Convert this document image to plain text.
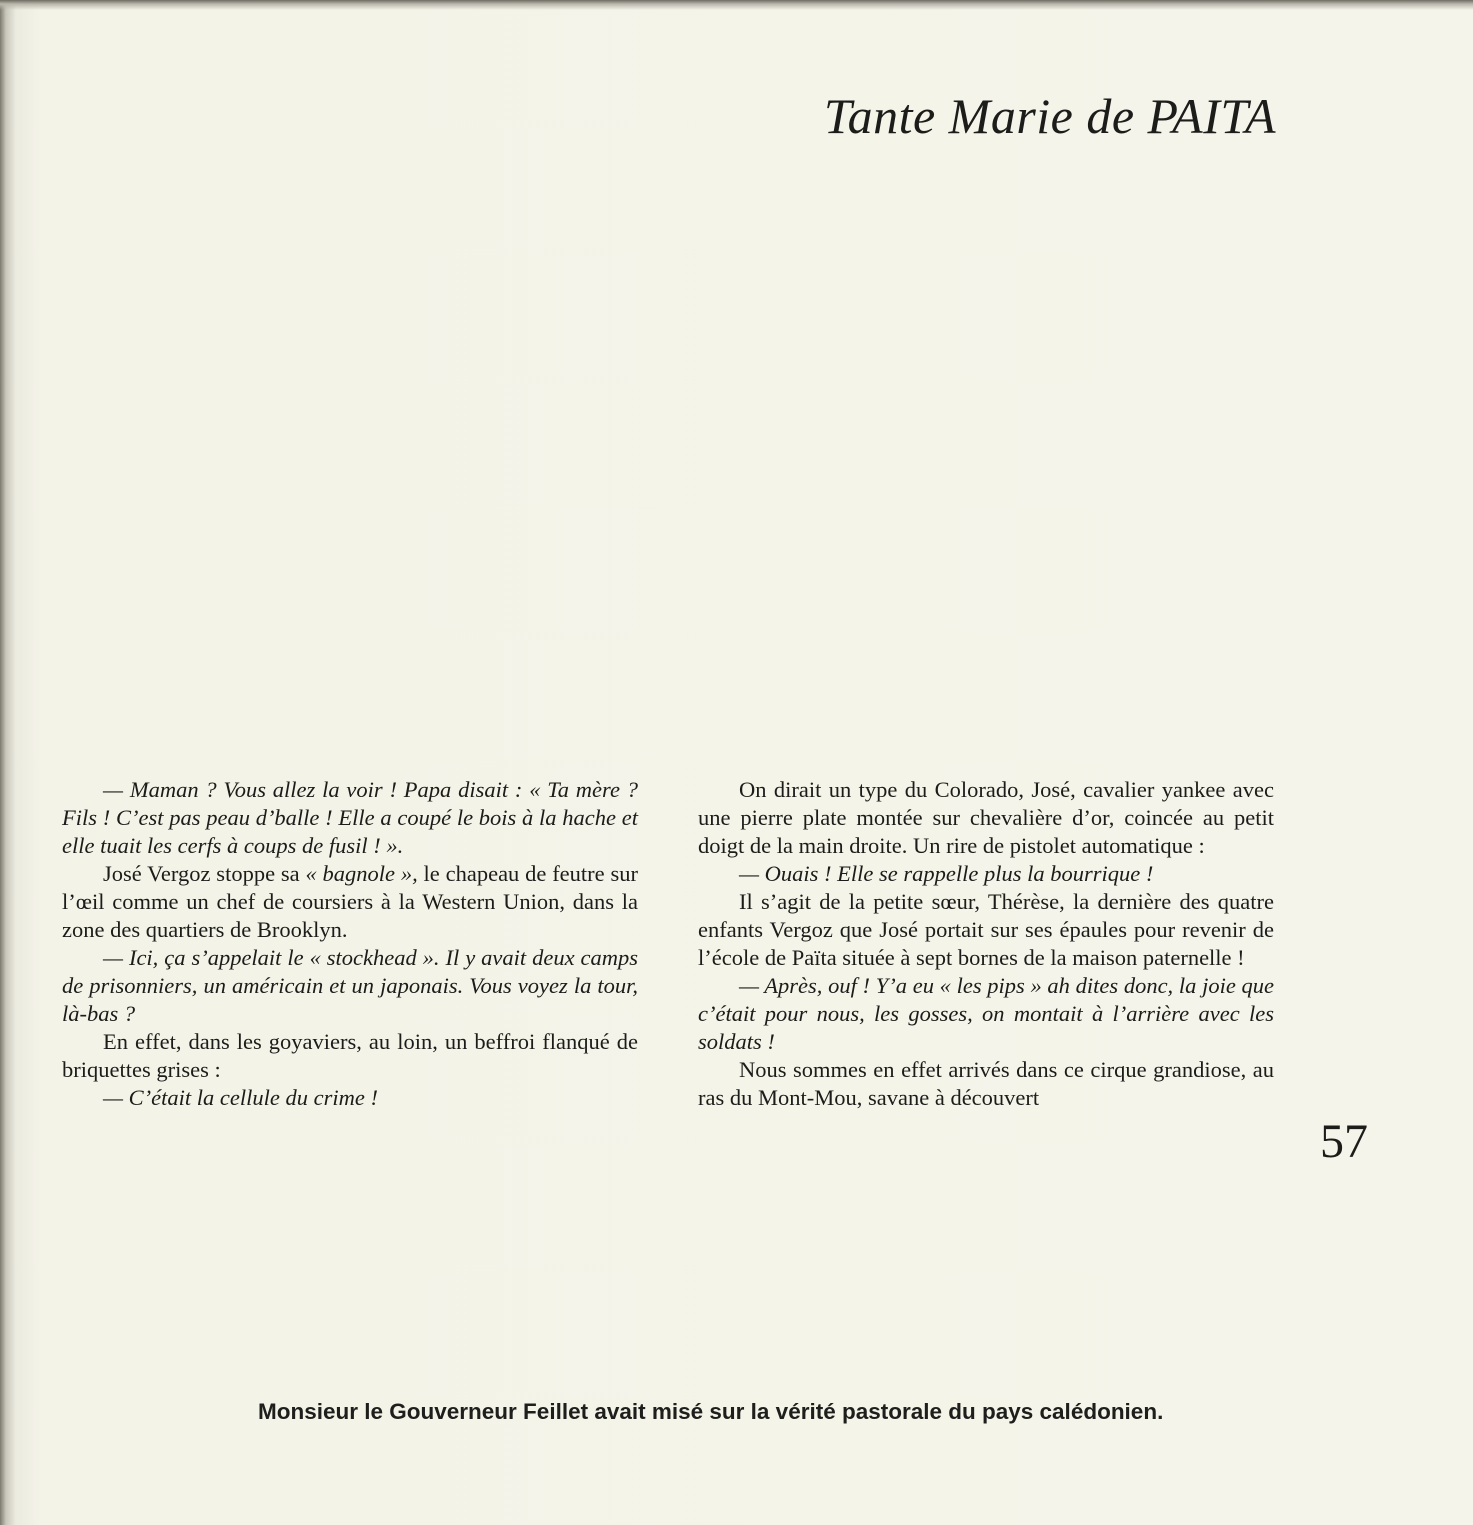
Tante Marie de PAITA

— Maman ? Vous allez la voir ! Papa disait : « Ta mère ? Fils ! C’est pas peau d’balle ! Elle a coupé le bois à la hache et elle tuait les cerfs à coups de fusil ! ».

José Vergoz stoppe sa « bagnole », le chapeau de feutre sur l’œil comme un chef de coursiers à la Western Union, dans la zone des quartiers de Brooklyn.

— Ici, ça s’appelait le « stockhead ». Il y avait deux camps de prisonniers, un américain et un japonais. Vous voyez la tour, là-bas ?

En effet, dans les goyaviers, au loin, un beffroi flanqué de briquettes grises :

— C’était la cellule du crime !

On dirait un type du Colorado, José, cavalier yankee avec une pierre plate montée sur chevalière d’or, coincée au petit doigt de la main droite. Un rire de pistolet automatique :

— Ouais ! Elle se rappelle plus la bourrique !

Il s’agit de la petite sœur, Thérèse, la dernière des quatre enfants Vergoz que José portait sur ses épaules pour revenir de l’école de Païta située à sept bornes de la maison paternelle !

— Après, ouf ! Y’a eu « les pips » ah dites donc, la joie que c’était pour nous, les gosses, on montait à l’arrière avec les soldats !

Nous sommes en effet arrivés dans ce cirque grandiose, au ras du Mont-Mou, savane à découvert

57
Monsieur le Gouverneur Feillet avait misé sur la vérité pastorale du pays calédonien.
